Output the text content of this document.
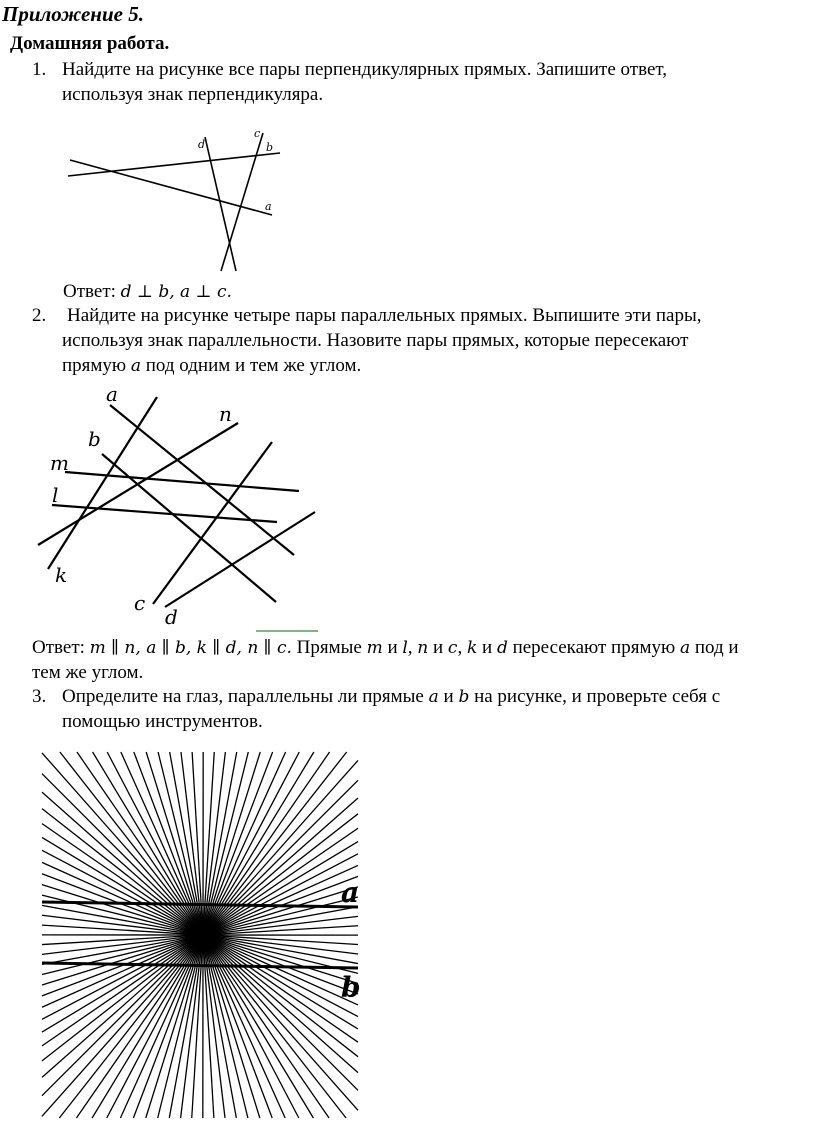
Приложение 5.
Домашняя работа.
1. Найдите на рисунке все пары перпендикулярных прямых. Запишите ответ,
используя знак перпендикуляра.
d
c
b
a
Ответ: d ⊥ b, a ⊥ c.
2. Найдите на рисунке четыре пары параллельных прямых. Выпишите эти пары,
используя знак параллельности. Назовите пары прямых, которые пересекают
прямую a под одним и тем же углом.
a
n
b
m
l
k
c
d
Ответ: m ∥ n, a ∥ b, k ∥ d, n ∥ c. Прямые m и l, n и c, k и d пересекают прямую a под и
тем же углом.
3. Определите на глаз, параллельны ли прямые a и b на рисунке, и проверьте себя с
помощью инструментов.
a
b
